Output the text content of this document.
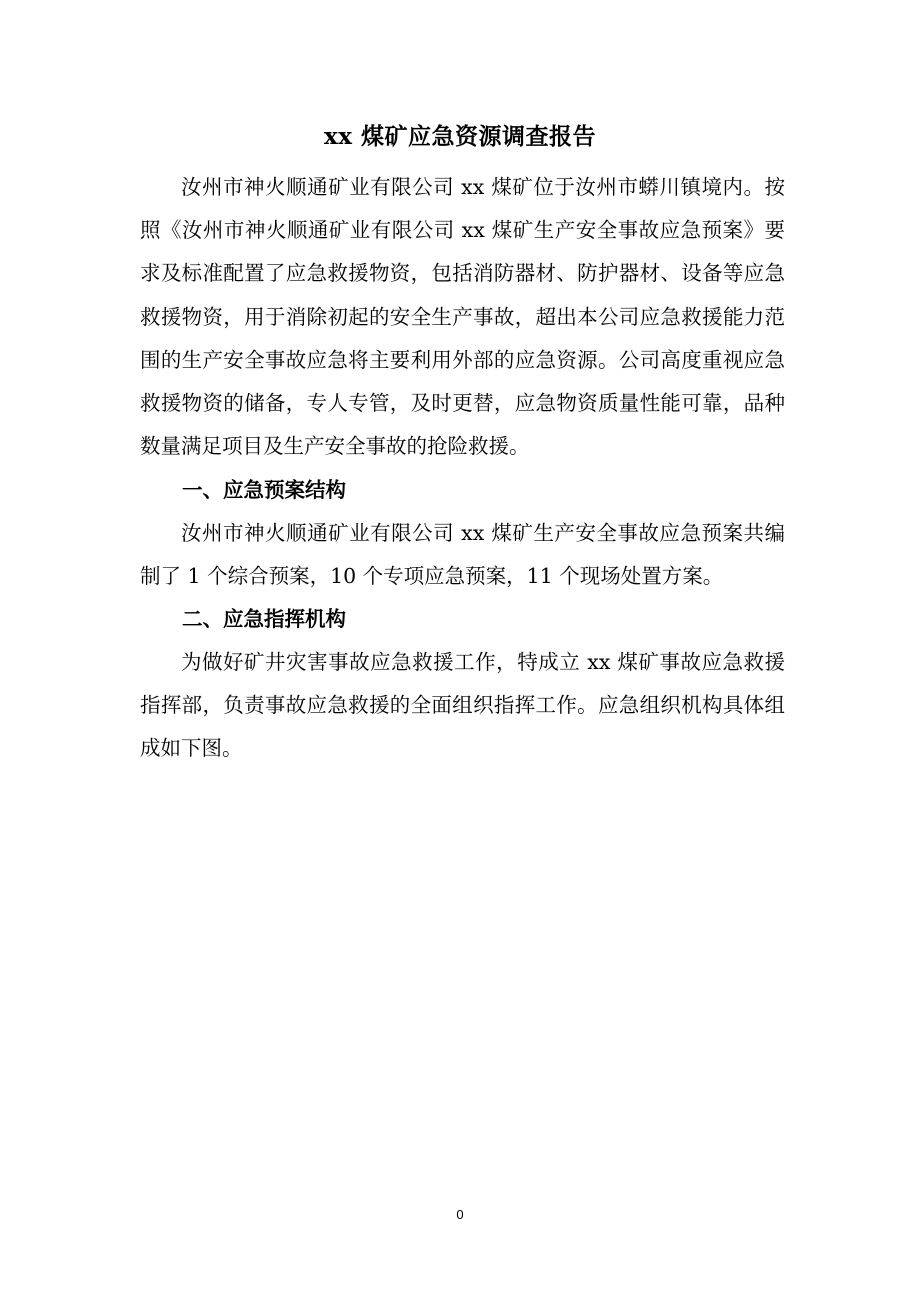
xx 煤矿应急资源调查报告

汝州市神火顺通矿业有限公司 xx 煤矿位于汝州市蟒川镇境内。按照《汝州市神火顺通矿业有限公司 xx 煤矿生产安全事故应急预案》要求及标准配置了应急救援物资，包括消防器材、防护器材、设备等应急救援物资，用于消除初起的安全生产事故，超出本公司应急救援能力范围的生产安全事故应急将主要利用外部的应急资源。公司高度重视应急救援物资的储备，专人专管，及时更替，应急物资质量性能可靠，品种数量满足项目及生产安全事故的抢险救援。

一、应急预案结构

汝州市神火顺通矿业有限公司 xx 煤矿生产安全事故应急预案共编制了 1 个综合预案，10 个专项应急预案，11 个现场处置方案。

二、应急指挥机构

为做好矿井灾害事故应急救援工作，特成立 xx 煤矿事故应急救援指挥部，负责事故应急救援的全面组织指挥工作。应急组织机构具体组成如下图。

0
